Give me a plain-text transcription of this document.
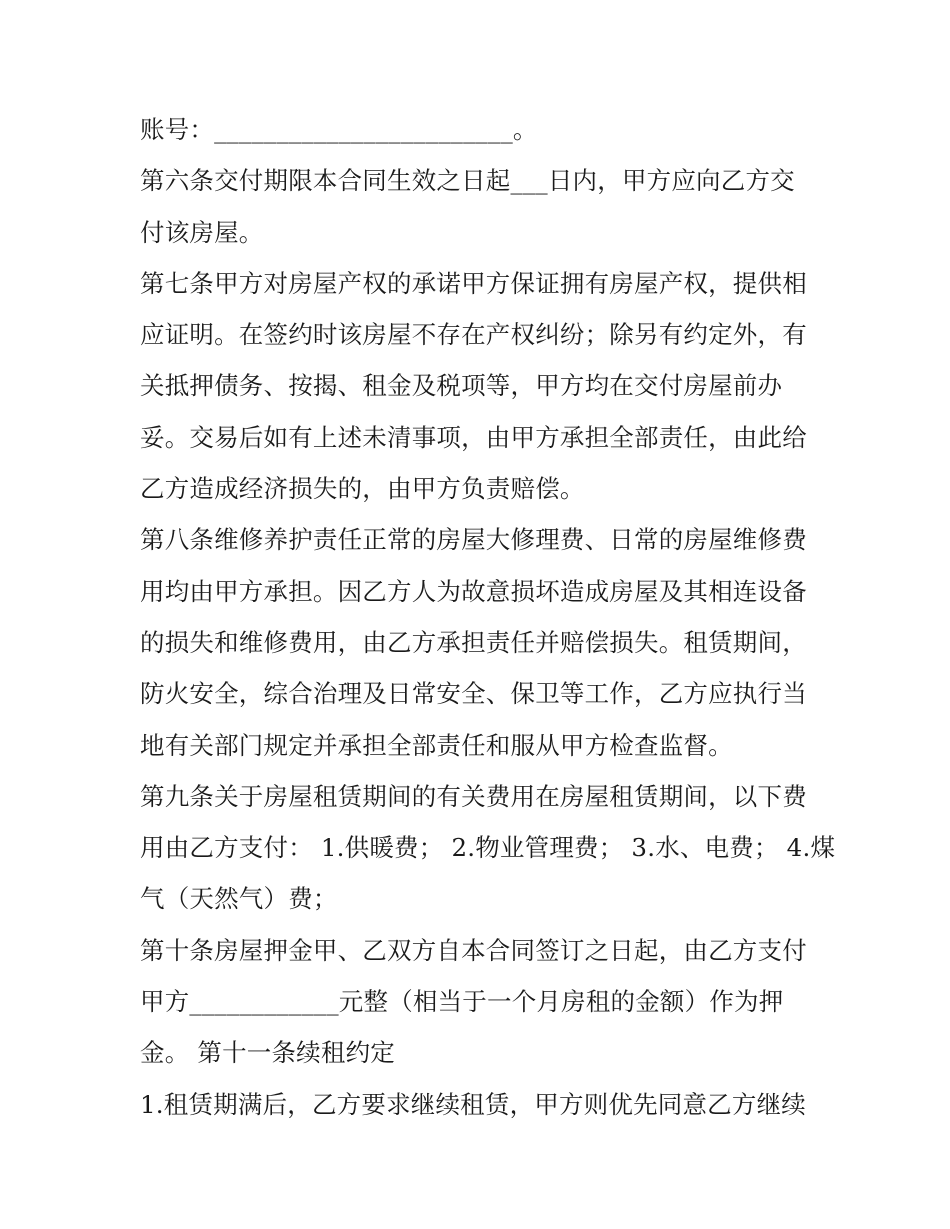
账号：________________________。
第六条交付期限本合同生效之日起___日内，甲方应向乙方交
付该房屋。
第七条甲方对房屋产权的承诺甲方保证拥有房屋产权，提供相
应证明。在签约时该房屋不存在产权纠纷；除另有约定外，有
关抵押债务、按揭、租金及税项等，甲方均在交付房屋前办
妥。交易后如有上述未清事项，由甲方承担全部责任，由此给
乙方造成经济损失的，由甲方负责赔偿。
第八条维修养护责任正常的房屋大修理费、日常的房屋维修费
用均由甲方承担。因乙方人为故意损坏造成房屋及其相连设备
的损失和维修费用，由乙方承担责任并赔偿损失。租赁期间，
防火安全，综合治理及日常安全、保卫等工作，乙方应执行当
地有关部门规定并承担全部责任和服从甲方检查监督。
第九条关于房屋租赁期间的有关费用在房屋租赁期间，以下费
用由乙方支付： 1.供暖费； 2.物业管理费； 3.水、电费； 4.煤
气（天然气）费；
第十条房屋押金甲、乙双方自本合同签订之日起，由乙方支付
甲方____________元整（相当于一个月房租的金额）作为押
金。 第十一条续租约定
1.租赁期满后，乙方要求继续租赁，甲方则优先同意乙方继续
